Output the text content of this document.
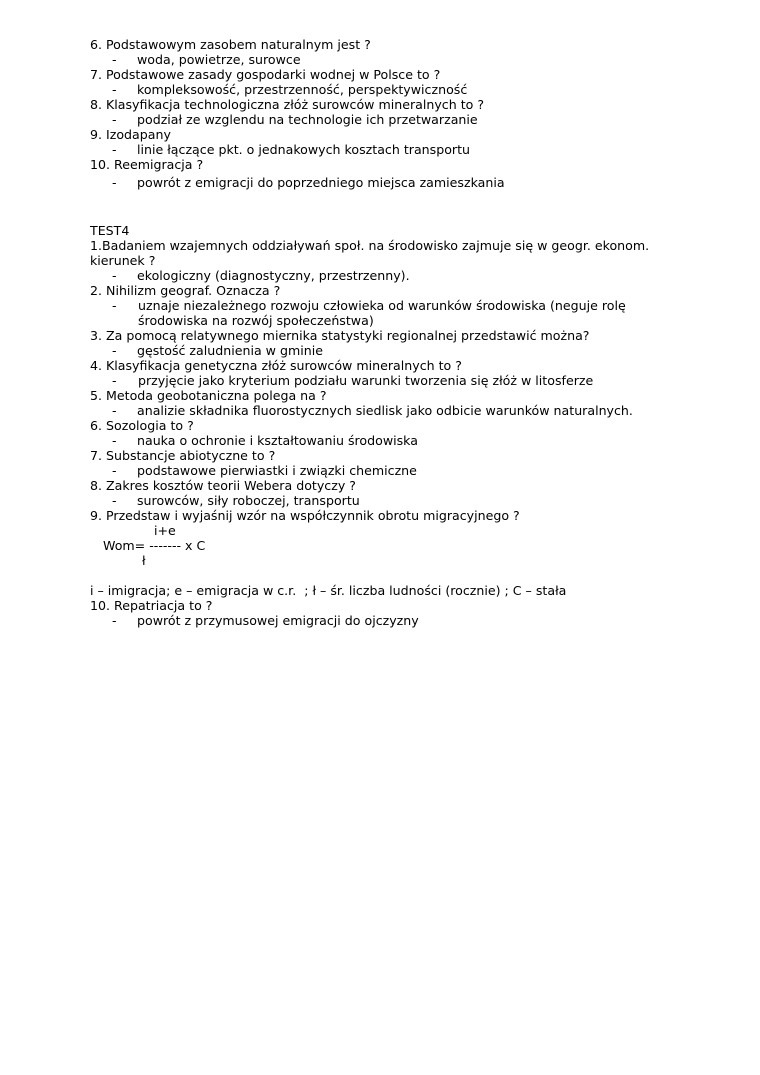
6. Podstawowym zasobem naturalnym jest ?
- woda, powietrze, surowce
7. Podstawowe zasady gospodarki wodnej w Polsce to ?
- kompleksowość, przestrzenność, perspektywiczność
8. Klasyfikacja technologiczna złóż surowców mineralnych to ?
- podział ze wzglendu na technologie ich przetwarzanie
9. Izodapany
- linie łączące pkt. o jednakowych kosztach transportu
10. Reemigracja ?
- powrót z emigracji do poprzedniego miejsca zamieszkania
TEST4
1.Badaniem wzajemnych oddziaływań społ. na środowisko zajmuje się w geogr. ekonom. kierunek ?
- ekologiczny (diagnostyczny, przestrzenny).
2. Nihilizm geograf. Oznacza ?
- uznaje niezależnego rozwoju człowieka od warunków środowiska (neguje rolę środowiska na rozwój społeczeństwa)
3. Za pomocą relatywnego miernika statystyki regionalnej przedstawić można?
- gęstość zaludnienia w gminie
4. Klasyfikacja genetyczna złóż surowców mineralnych to ?
- przyjęcie jako kryterium podziału warunki tworzenia się złóż w litosferze
5. Metoda geobotaniczna polega na ?
- analizie składnika fluorostycznych siedlisk jako odbicie warunków naturalnych.
6. Sozologia to ?
- nauka o ochronie i kształtowaniu środowiska
7. Substancje abiotyczne to ?
- podstawowe pierwiastki i związki chemiczne
8. Zakres kosztów teorii Webera dotyczy ?
- surowców, siły roboczej, transportu
9. Przedstaw i wyjaśnij wzór na współczynnik obrotu migracyjnego ?
i+e
Wom= ------- x C
ł
i – imigracja; e – emigracja w c.r.  ; ł – śr. liczba ludności (rocznie) ; C – stała
10. Repatriacja to ?
- powrót z przymusowej emigracji do ojczyzny
